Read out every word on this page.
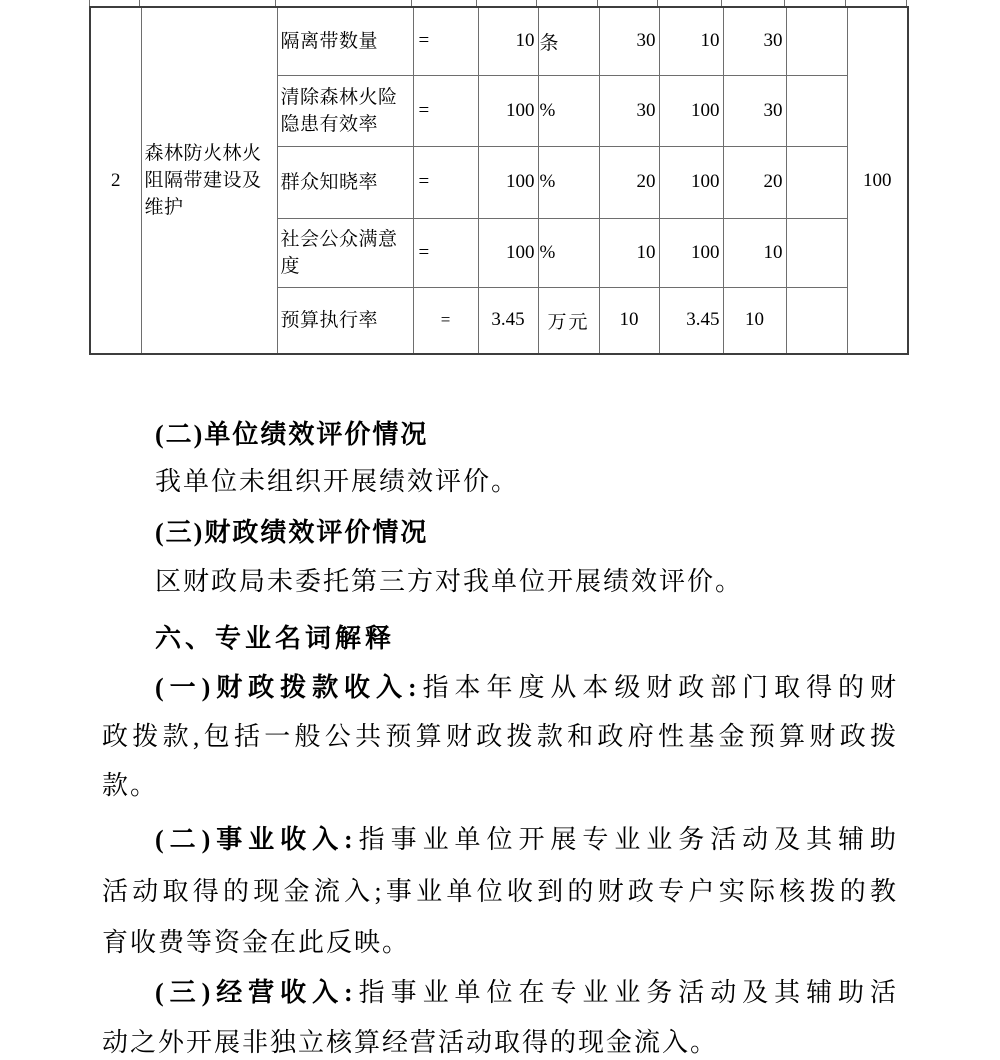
2	森林防火林火阻隔带建设及维护	隔离带数量	=	10	条	30	10	30		100
		清除森林火险隐患有效率	=	100	%	30	100	30		
		群众知晓率	=	100	%	20	100	20		
		社会公众满意度	=	100	%	10	100	10		
		预算执行率	=	3.45	万元	10	3.45	10		
(二)单位绩效评价情况
我单位未组织开展绩效评价。
(三)财政绩效评价情况
区财政局未委托第三方对我单位开展绩效评价。
六、专业名词解释
(一)财政拨款收入:指本年度从本级财政部门取得的财
政拨款,包括一般公共预算财政拨款和政府性基金预算财政拨
款。
(二)事业收入:指事业单位开展专业业务活动及其辅助
活动取得的现金流入;事业单位收到的财政专户实际核拨的教
育收费等资金在此反映。
(三)经营收入:指事业单位在专业业务活动及其辅助活
动之外开展非独立核算经营活动取得的现金流入。
